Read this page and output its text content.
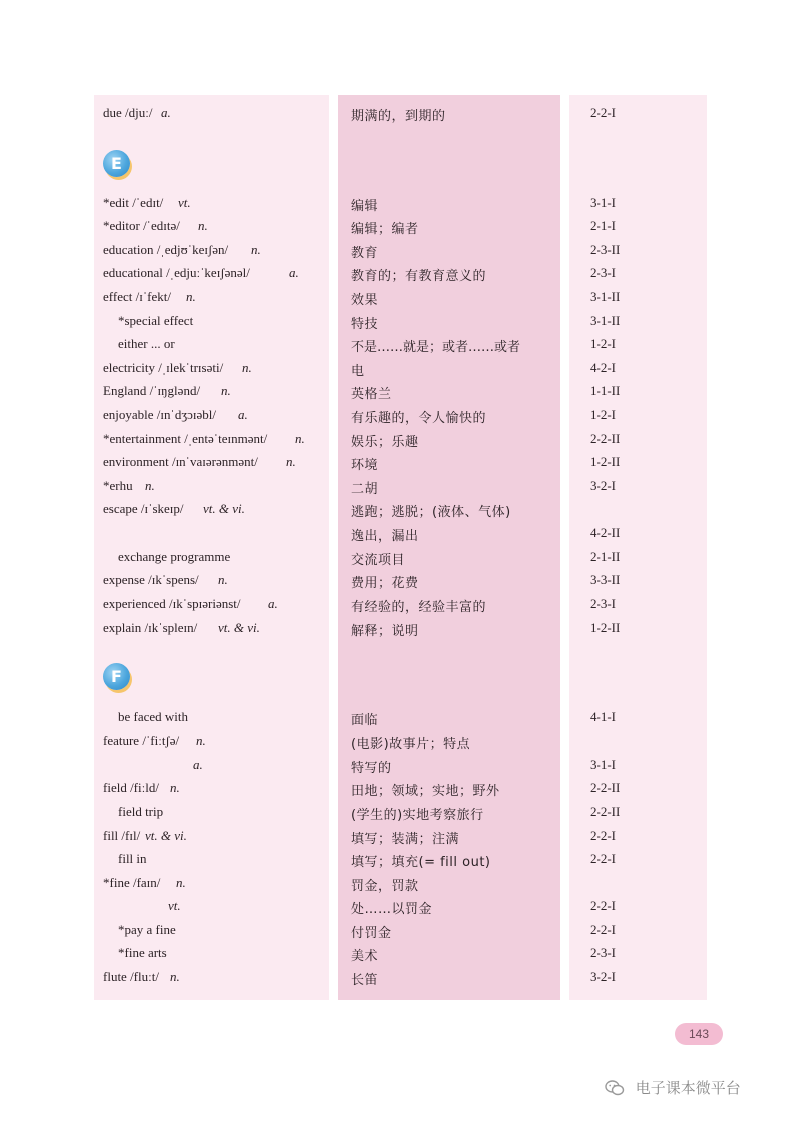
due /djuː/ a.	期满的，到期的	2-2-I
E
*edit /ˈedɪt/ vt.	编辑	3-1-I
*editor /ˈedɪtə/ n.	编辑；编者	2-1-I
education /ˌedjʊˈkeɪʃən/ n.	教育	2-3-II
educational /ˌedjuːˈkeɪʃənəl/	a.	教育的；有教育意义的	2-3-I
effect /ɪˈfekt/ n.	效果	3-1-II
*special effect	特技	3-1-II
either ... or	不是……就是；或者……或者	1-2-I
electricity /ˌɪlekˈtrɪsəti/ n.	电	4-2-I
England /ˈɪŋglənd/ n.	英格兰	1-1-II
enjoyable /ɪnˈdʒɔɪəbl/ a.	有乐趣的，令人愉快的	1-2-I
*entertainment /ˌentəˈteɪnmənt/ n.	娱乐；乐趣	2-2-II
environment /ɪnˈvaɪərənmənt/ n.	环境	1-2-II
*erhu n.	二胡	3-2-I
escape /ɪˈskeɪp/ vt. & vi.	逃跑；逃脱；(液体、气体)
逸出，漏出	4-2-II
exchange programme	交流项目	2-1-II
expense /ɪkˈspens/ n.	费用；花费	3-3-II
experienced /ɪkˈspɪəriənst/ a.	有经验的，经验丰富的	2-3-I
explain /ɪkˈspleɪn/ vt. & vi.	解释；说明	1-2-II
F
be faced with	面临	4-1-I
feature /ˈfiːtʃə/ n.	(电影)故事片；特点
a.	特写的	3-1-I
field /fiːld/ n.	田地；领域；实地；野外	2-2-II
field trip	(学生的)实地考察旅行	2-2-II
fill /fɪl/ vt. & vi.	填写；装满；注满	2-2-I
fill in	填写；填充(= fill out)	2-2-I
*fine /faɪn/ n.	罚金，罚款
vt.	处……以罚金	2-2-I
*pay a fine	付罚金	2-2-I
*fine arts	美术	2-3-I
flute /fluːt/ n.	长笛	3-2-I
143
电子课本微平台
